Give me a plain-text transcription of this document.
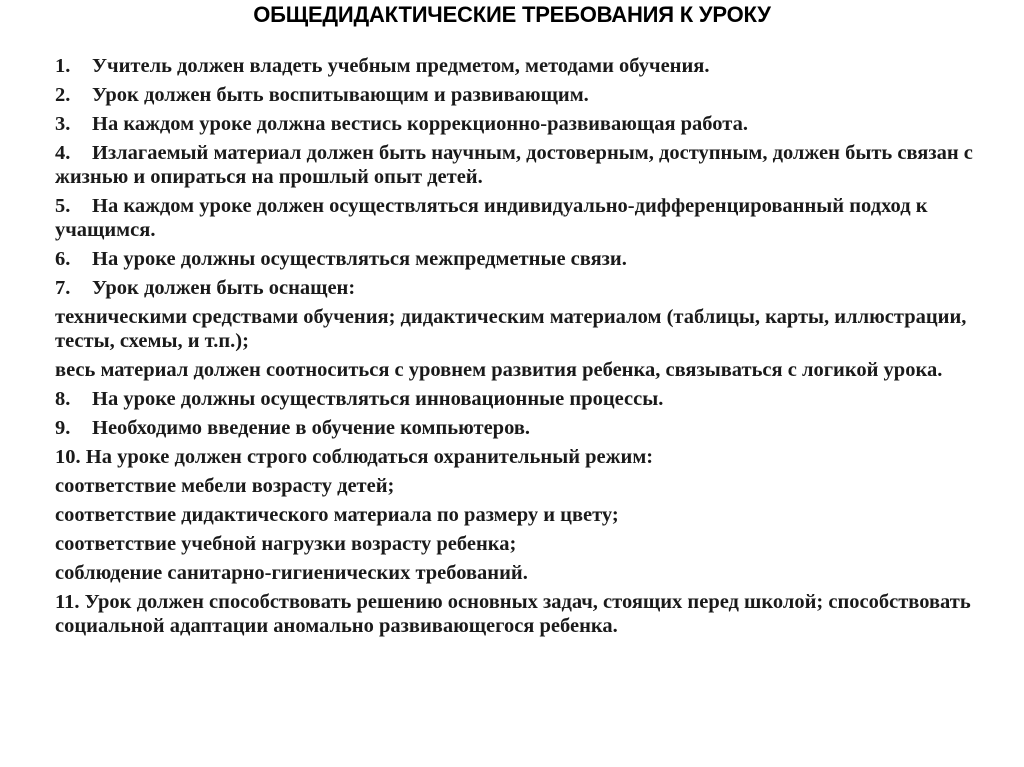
ОБЩЕДИДАКТИЧЕСКИЕ ТРЕБОВАНИЯ К УРОКУ
1. Учитель должен владеть учебным предметом, методами обучения.
2. Урок должен быть воспитывающим и развивающим.
3. На каждом уроке должна вестись коррекционно-развивающая работа.
4. Излагаемый материал должен быть научным, достоверным, доступным, должен быть связан с жизнью и опираться на прошлый опыт детей.
5. На каждом уроке должен осуществляться индивидуально-дифференцированный подход к учащимся.
6. На уроке должны осуществляться межпредметные связи.
7. Урок должен быть оснащен:
техническими средствами обучения; дидактическим материалом (таблицы, карты, иллюстрации, тесты, схемы, и т.п.);
весь материал должен соотноситься с уровнем развития ребенка, связываться с логикой урока.
8. На уроке должны осуществляться инновационные процессы.
9. Необходимо введение в обучение компьютеров.
10. На уроке должен строго соблюдаться охранительный режим:
соответствие мебели возрасту детей;
соответствие дидактического материала по размеру и цвету;
соответствие учебной нагрузки возрасту ребенка;
соблюдение санитарно-гигиенических требований.
11. Урок должен способствовать решению основных задач, стоящих перед школой; способствовать социальной адаптации аномально развивающегося ребенка.
